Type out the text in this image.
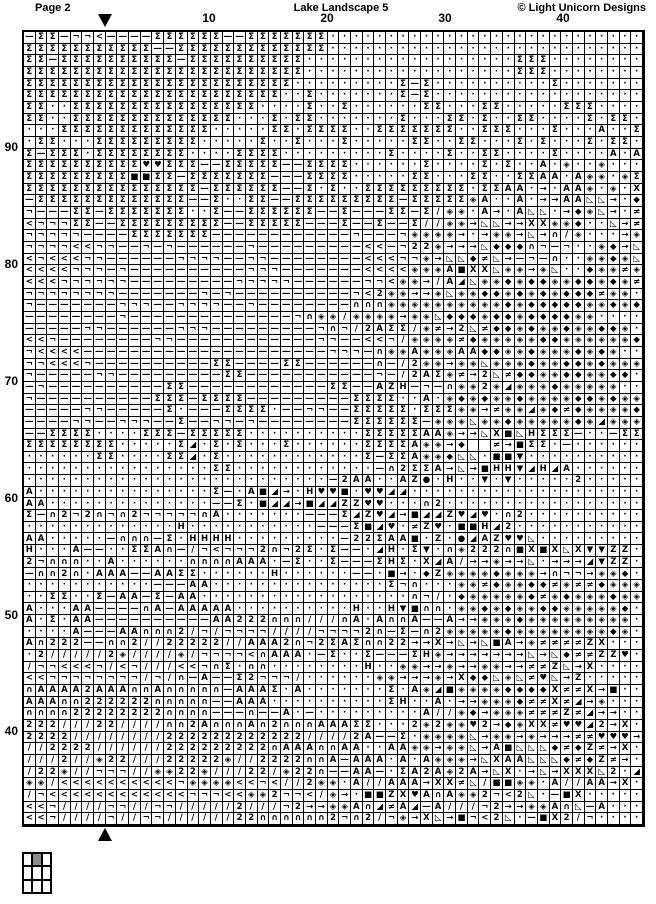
Page 2	Lake Landscape 5	© Light Unicorn Designs
10	20	30	40
90
80
70
60
50
40
— Σ Σ — ¬ ¬ < — — — — Σ Σ Σ Σ Σ Σ — — Σ Σ Σ Σ Σ Σ Σ · · · · · · · · · · · · · · · · · · · · · · · · · · ·
Σ Σ Σ Σ Σ Σ Σ Σ Σ Σ Σ — — Σ Σ Σ Σ Σ Σ Σ Σ Σ Σ Σ Σ Σ · · · · · · · · · · · · · · · · · · · · · · · · · · ·
Σ Σ — Σ Σ Σ Σ Σ Σ Σ Σ Σ Σ — Σ Σ Σ Σ Σ Σ Σ Σ Σ Σ · · · · · · · · · · · · · · · · · · Σ Σ Σ · · · · · · · ·
Σ Σ Σ Σ Σ Σ Σ Σ Σ Σ Σ Σ Σ Σ Σ Σ Σ Σ Σ Σ Σ Σ Σ Σ · · · · · · · · · · · · · · · · · · Σ Σ Σ · · · · · · · ·
Σ Σ Σ Σ Σ Σ Σ Σ Σ Σ Σ Σ Σ Σ Σ Σ Σ Σ Σ Σ Σ Σ Σ · · · · · · · · · Σ — Σ · · · · · · · · · · Σ · · · · · · ·
Σ Σ Σ Σ Σ Σ Σ Σ Σ Σ Σ Σ Σ Σ Σ Σ Σ Σ Σ Σ Σ Σ · · Σ · · · · · · · Σ — Σ · · · · · · · · · · · · · · · · · ·
Σ Σ · · Σ Σ Σ Σ Σ Σ Σ Σ Σ Σ Σ Σ Σ Σ Σ Σ · · · · Σ · · Σ · · · · · · Σ Σ · · · Σ Σ · · · · · Σ Σ Σ · · · ·
Σ Σ · · Σ Σ Σ Σ Σ Σ Σ Σ Σ Σ Σ Σ Σ Σ · · · Σ · Σ Σ · · · · · · · Σ · · · Σ Σ · Σ · · Σ Σ · · · · Σ · Σ Σ ·
· · · Σ Σ Σ Σ Σ Σ Σ Σ Σ Σ Σ Σ Σ · · · · · Σ Σ · Σ Σ Σ Σ · · Σ Σ Σ Σ Σ Σ Σ · · Σ Σ Σ · · · Σ · · · A · · Σ
· Σ Σ · · · Σ Σ Σ Σ Σ Σ Σ Σ Σ · · · · · Σ · · Σ · · · Σ · · · · · Σ Σ · · Σ Σ · · · Σ · Σ · · · Σ · Σ Σ ·
Σ — Σ Σ Σ · Σ Σ Σ Σ Σ Σ Σ Σ · · · · Σ Σ Σ Σ · · · · · · · · · Σ · · · · Σ · · Σ Σ · · · · Σ · · · · A · A
Σ Σ Σ Σ Σ Σ Σ Σ Σ Σ ♥ ♥ Σ Σ Σ — — Σ Σ Σ Σ Σ — — Σ Σ Σ Σ · · · · · · Σ · · · · Σ · Σ · · A · ◈ · · ◈ · · ·
Σ Σ Σ Σ Σ Σ Σ Σ Σ ■ ■ Σ Σ — Σ Σ Σ Σ Σ Σ Σ — — — Σ Σ Σ Σ · · · · · Σ Σ · · · Σ Σ · · Σ Σ A A · A ◈ ◈ · ◈ Σ
Σ Σ Σ Σ Σ Σ Σ Σ Σ Σ Σ Σ Σ Σ Σ — Σ Σ Σ Σ Σ Σ — — Σ · Σ · · Σ Σ Σ Σ Σ Σ Σ Σ Σ · Σ Σ A A · → · A A ◈ · ◈ · X
— Σ Σ Σ Σ Σ Σ Σ Σ Σ Σ Σ Σ Σ — — Σ · · Σ Σ — — Σ Σ Σ Σ Σ Σ Σ Σ Σ — Σ Σ Σ Σ Σ ◈ A · · A · → → A A ◺ ◺ → · ◆
¬ — — — Σ Σ — Σ Σ Σ Σ Σ Σ Σ · · Σ — — Σ Σ Σ Σ Σ Σ — — Σ — — — Σ Σ — Σ / ◈ ◈ · A → · A ◺ ◺ · → ◆ ◈ ◺ → · ≠
< ¬ ¬ ¬ Σ Σ — — Σ Σ Σ Σ Σ Σ Σ Σ Σ — — Σ Σ Σ Σ Σ — — — Σ — — Σ — — Σ /	/ ◈ ◈ → ◺ ◺ → → X X ◈ ◈ ◆ · · ◺ → ≠
¬ ¬ ¬ ¬ ¬ — — — — Σ Σ Σ Σ Σ Σ Σ — — — — — — — — — — — — ¬ — — — ¬ ◈ ◈ ◈ ◈ → · → ◈ ◈ → ◺ → ∩ / ◈ · · · → ◈
¬ ¬ ¬ ¬ < < ¬ ¬ — — ¬ — ¬ — — — — — — ¬ — — — — — — — — — < < — ¬ 2 2 ◈ → → → ◺ ◆ ◆ ◆ ∩ ¬ — ¬ · · ◈ ◆ → ◺
< ¬ < < < ¬ ¬ — — — — — — ¬ ¬ ¬ ¬ — — ¬ ¬ — — — — — — — — < < < ¬ ¬ ◈ → ◺ ◺ ◆ ≠ ◺ → — ¬ — ∩ · · ◈ ◈ ◆ ◈ ◺
< < < < ¬ ¬ ¬ — ¬ — — — — — — — — — — ¬ ¬ ¬ — — — — — — — < < < < ◈ ◈ ◈ A ■ X X ◺ ◈ ◈ → ◈ ◺ · · ◆ ◈ ◈ ≠ ◈
< < < ¬ ¬ ¬ ¬ ¬ ¬ — — — — — — — — — ¬ ¬ ¬ ¬ ¬ — — — — — — ¬ ¬ < ◈ ◈ → / A ◢ ◺ ◈ ◈ ◆ ◈ ◆ ◆ ◈ ◈ ◆ ◆ ◈ ◆ ◈ ≠
¬ ¬ ¬ ¬ ¬ ¬ ¬ ¬ — — — — — — — ¬ — ¬ — — — — — — — — — — ¬ < 2 ◈ ◈ → → ◈ ◺ ◈ ◈ ◆ ◆ ◈ ◆ ◈ ◆ ◈ ◆ ◆ ◆ ≠ ◈ ◈ ·
¬ — — — — — — — ¬ ¬ ¬ — — ¬ ¬ ¬ ¬ — — ¬ — — — — — — — — ∩ ∩ ∩ ◈ ◈ ◈ ◈ ◈ ◈ ◈ ◈ ◈ ◈ ◆ ◈ ◆ ◆ ◆ ◆ ◆ ◈ ◈ ◆ ◈ ◆
— — — — — — — — ¬ — — — — — — — — — — — — — — ¬ ∩ ◈ ◈ / ◈ ◈ ◈ ◈ → ◈ ◈ ◺ ◆ ◆ ◆ ◈ ◆ ◆ ◈ ◆ ◆ ◆ ◆ ◈ ◈ · · · ·
— — — — — ¬ ¬ — — — — — — ¬ ¬ ¬ — — — — — — — — — ¬ ∩ ¬ / 2 A Σ Σ / ◈ ≠ → 2 ◺ ≠ ◆ ◆ ◈ ◆ ◈ ◈ ◆ ◈ ◈ ◆ ◆ ◈ ·
< < ¬ — — — — — — — — ¬ ¬ — — — — — — — — — — — — ¬ ¬ — — < < ¬ / ◈ ◈ ◈ ◈ ≠ ◆ ◈ ◈ ◈ ◈ ◈ ◆ ◆ ◈ ◈ ◈ ◈ ◈ ◈ ◆
¬ < < < < — — — — — — — — — — — — — — — — — — — — — ¬ ¬ ¬ — ∩ ◈ ◈ A ◈ ◈ ◈ A A ◆ ◆ ◈ ◈ ◆ ◈ ◈ ◈ ◆ ◈ ◆ ◈ · ·
¬ ¬ < < < ¬ — — — — — — — — — — Σ Σ — — — — Σ Σ — — — — — — ∩ — / 2 ◈ ◈ → ◈ ◈ ◺ ◈ ◈ ◈ ◆ ◈ ◈ ◆ ◆ ◈ ◆ ◈ ◈ ◈
¬ — — — — — ¬ ¬ — — — — — — — — — Σ Σ — — — — — — — — — — — ¬ — / 2 A Σ ◈ ≠ → 2 ◺ ≠ ◆ ◆ ◈ ◈ ◆ ◆ ◈ ◈ ◆ ◆ ·
— ¬ — — — — — — — — — — Σ Σ — — — — — — — — — — — — Σ Σ — — A Z H — ¬ — ∩ ◈ ◈ 2 ◈ ◢ ◈ ◈ ◈ ◆ ◈ ◈ ◈ ◈ ◈ · ·
¬ — — — — — — — — — — Σ Σ Σ — Σ Σ Σ Σ — — — — — — — — — Σ Σ Σ Σ · · A · ◈ ◆ ◈ ◆ ◈ ◈ ◆ ◈ ◈ ◈ ◈ ◆ ◆ ◈ ◆ ◈ ◈
— — — — — ¬ ¬ — — — — — Σ · — — — Σ Σ Σ Σ · — — ¬ ¬ — — Σ Σ Σ Σ Σ · Σ Σ Σ ◈ ◈ → ≠ ◈ ◈ ◢ ◈ ◆ ≠ ◆ ◈ ◈ ◈ ◈ ◆
— — — — ¬ ¬ — — ¬ ¬ ¬ — — Σ — — ¬ ¬ — ¬ — — — — — — — — Σ Σ Σ Σ Σ Σ — ◈ ◈ ◈ ◺ ◈ ◈ ◆ ◈ ◈ ◈ ◈ ◈ ◆ ◈ ◢ ◈ ◈ ◈
— — Σ Σ Σ Σ · · · · Σ Σ Σ — Σ Σ Σ Σ Σ · · · · · · · · · · Σ Σ Σ Σ Σ A A ◈ → → ◺ X ■ ◺ H Σ Σ Σ — · · — Σ Σ
Σ Σ Σ Σ Σ Σ Σ Σ · · · · · Σ ◢ · Σ · Σ · · · Σ · · · · · · Σ Σ Σ Σ A ◈ ◈ → ◆	≠ → ■ Σ Σ · — · · · · · ·
· · · · · · Σ Σ · · · · Σ Σ ◢ · Σ · · · · · · · · · · · · Σ — Σ Σ A ◈ ◈ ◆ ◺ ◺ · ■ ■ ▼ · · · · · · · · · ·
· · · · · · · · · · · · · · · · Σ Σ · · · · · · · · · · · · — ∩ 2 Σ Σ A → ◺ → ■ H H ▼ ◢ H ◢ A · · · · · ·
· · · · · · · · · · · · · · · · · · · · · · · · · · — 2 A A · · A Z ● · H · · ▼ · ▼ · · · · · 2 · · · · ·
A · · · · · · · · · · · · · · · Σ — · A ■ ◢ → · H ♥ ♥ ■ · ♥ ♥ ◢ ◢ · · · · · · · · · · · · · · · · · · · ·
A A · · · · · · · · · · · · · · — — Σ · ■ ◢ ◢ → ■ ◢ ◢ Z Z ♥ ♥ · · · ∩ 2 · · · · · · · · · · · · · · · · ·
Σ — ∩ 2 ¬ 2 ∩ ¬ ∩ 2 ¬ ¬ ¬ ¬ ¬ ∩ A · · · · · · · — — — Σ ◢ Z ♥ ◢ → ■ ◢ ◢ Z ♥ ◢ ♥ · ∩ 2 · · · · · · · · · ·
· · · · · · · · · · · · · H · · · · · · · · · · · — — — Σ ■ ◢ ♥ · ≠ Z ♥ · ■ ■ H ◢ 2 · · · · · · · · · · ·
A A · · · · · — ∩ ∩ ∩ — Σ · H H H H · · · · · · · · · — 2 2 Σ A A ■ · Z · ● ◢ A Z ♥ ♥ ◺ · · · · · · · · ·
H · · · A — — · · Σ Σ A ∩ — / ¬ < ¬ ¬ ¬ 2 ∩ ¬ 2 Σ · Σ — — · ◢ H · Σ ▼ · ∩ ◈ 2 2 2 ∩ ■ X ■ X ◺ X ▼ ▼ Z Z ·
2 ¬ ∩ ∩ ∩ · · A · · · · · · ∩ ∩ ∩ ∩ A A A · — Σ · · Σ — — — Σ H Σ · X ◢ A / → → ◈ → → ◺ · → → → ◢ ▼ Z Z ·
— ∩ ∩ 2 ∩ · A A A — — A A Σ Σ · · · · · · H · · · · · · — — · ■ → · ◆ Z ◈ ◈ ◈ ◈ ◆ ◈ ◈ ◈ → ∩ ¬ ¬ → ◈ ◈ ◆ ·
· · · · · · · · · · · — — — A A · · · · · · · · · · · · · · · Σ ¬ ∩ · · · ◈ ◈ ≠ ◆ ◈ ◈ ◆ ◆ ≠ ◈ ≠ ≠ ◆ ◈ ◈ ◈
· · Σ Σ · · Σ — A A — Σ — A A · · · · · · · · · · · · · · · · · · ∩ ¬ /	· ◆ ◈ ◈ ◈ ◈ ◈ ◆ ≠ ◈ ◆ ◈ ◈ ◈ ◆ ◈ ◈
A · · · A A — — — — ∩ A — A A A A A · · · · · · · · · · H · · H ▼ ■ ∩ ∩ · ◈ ◈ ◆ ◈ ◆ ◈ ◈ ◆ ◆ ◈ ◈ ◈ ◈ ◈ ◆ ·
A · Σ · A A — — — — — — — — — — A A 2 2 2 ∩ ∩ ∩ /	/	/ ∩ A · A ∩ ∩ A — — A → → ◈ ◈ ◈ ◆ ◈ ◈ ◈ ◈ ◈ ◈ ◈ ◈ ◈ ·
· · · · A — — — A A ∩ ∩ ∩ 2 / ¬ / ¬ ¬ ¬ ¬ /	/	/	/ ¬ ¬ ¬ ¬ 2 ∩ — Σ — ∩ 2 ◈ ◈ ◈ ◈ ◈ ◆ ◈ ◈ ◈ ◈ ◈ ◈ ◈ ◈ ◆ ◈ ·
A ∩ 2 2 2 — — ∩ ∩ 2 /	/ 2 2 2 2 2 /	/ A A A 2 ∩ ¬ 2 Σ A Σ ∩ ∩ 2 2 → → X → ◺ → ◺ ■ A → ◈ ≠ ≠ ≠ ≠ Z X · · ·
· 2 /	/	/	/	/ 2 ◈ /	/	/	/ ◈ / ¬ ¬ ¬ ¬ < ∩ A A A · — Σ · · Σ — — — Σ H ◈ → → → → → → → ◺ → ◺ ◆ ≠ ≠ Z Z ♥ ·
/ ¬ ¬ < < < ¬ / < ¬ /	/	/ < < ¬ ∩ Σ · ∩ ∩ · · · · · · · · H · · ◈ ◈ → → ◈ → → ◈ ◈ → → ≠ ≠ Z ◺ → X · · · ·
< < ¬ ¬ ¬ ¬ ¬ ¬ ¬ ¬ / ¬ / ∩ — A — — Σ 2 ¬ ¬ ¬ /	· · · · · · ◈ ◈ → → → ◈ → X ◆ ◆ ◺ ◈ ◺ ≠ ♥ ◺ → Z · · · · ·
∩ A A A A 2 A A A ∩ ∩ A ∩ ∩ ∩ ∩ ∩ — A A A Σ · A · · · · · · · Σ · A ◈ ◢ ■ ◈ ◈ ◈ ◈ ◆ ◆ ◆ ◆ X ≠ ≠ X → ■ · ·
A A A ∩ ∩ 2 2 2 2 2 2 ∩ ∩ ∩ ∩ ∩ — — A A A · · · · · · · · · · Σ H · · A · → → ◈ ◈ ◈ ◆ ≠ ≠ X ≠ ◢ → ◈ · · ·
∩ ∩ ∩ ∩ 2 2 2 2 2 2 2 2 ∩ ∩ ∩ ∩ — — — ∩ — — A · — · · · · · · · · · A /	/ ◈ ◆ → ◈ ◈ ◈ ≠ ≠ ≠ Z ≠ ◢ → → · ·
2 2 2 /	/	/ 2 2 /	/	/	/ ∩ ∩ 2 A ∩ ∩ ∩ A ∩ 2 ∩ ∩ ∩ A A A Σ Σ · · · 2 ◈ 2 ◈ ◈ ♥ 2 → ◆ ◈ X X ≠ ♥ ♥ ◢ 2 → X ·
2 2 2 2 /	/	/	/	/	/	/	/ 2 2 2 2 2 2 2 2 2 2 2 2 /	/	/	/ 2 A — — Σ · ◈ ◈ ◈ ◈ ◺ → ◈ ◈ → ◈ → → → ≠ ≠ ♥ ♥ ♥ →
/	/ 2 2 2 2 /	/	/	/	/	/ 2 2 2 2 2 2 2 2 2 ∩ A A A ∩ ∩ A A · · A A ◈ ◈ → ◈ ◈ ◺ → A ■ ◺ ◺ ◺ ◆ ≠ ◆ Z ≠ → X ·
/	/	/ 2 /	/ ◈ 2 2 /	/	/ 2 2 2 2 2 ◈ /	/ 2 2 2 2 ∩ ∩ A — A A A · A · A ◈ ◈ ◈ → ◺ X A A ◺ ◺ ◺ ◆ ≠ ◆ Z ≠ → ·
/ 2 2 ◈ /	/ ¬ ¬ ¬ /	/ ◈ ◈ 2 2 ◈ /	/	/ 2 2 / ◈ 2 2 ∩ — — A A — · Σ A 2 A ◈ 2 A → ◺ X · → ◺ → X X X ◺ 2 · ◢
◈ ◈ / < < < < < < < < < < ¬ ◈ ◈ ◈ ◈ < < ¬ < /	/ 2 ◈ ◈ · A /	/ A A A → X X ≠ ◺ / ■ ■ ◈ ◈ · A /	/ A A → X ·
/ ¬ < < < < < < < < < < < < ¬ ¬ ¬ < < ◈ ◈ 2 ¬ ¬ < / ◈ → · ■ ■ Z X ♥ A ∩ A ◈ ◈ 2 ¬ < 2 ◺ · — ■ X · · · · ·
< < ¬ /	/	/	/ ¬ ¬ /	/ ¬ ¬ /	/	/	/	/ 2 /	/	/ ¬ 2 → → ◈ ◈ A ∩ ◢ ≠ A ◢ — A /	/	/ ¬ 2 → → ◈ ◈ A ∩ ◺ — A · · ·
< < ¬ /	/	/	/ ¬ /	/ ¬ ¬ /	/	/	/	/	/ 2 2 ∩ ∩ ∩ ∩ ∩ ∩ 2 ¬ ∩ 2 / ¬ ◈ → X ◺ → ■ ¬ < 2 ◺ · — ■ X 2 / ¬ · · · ·
